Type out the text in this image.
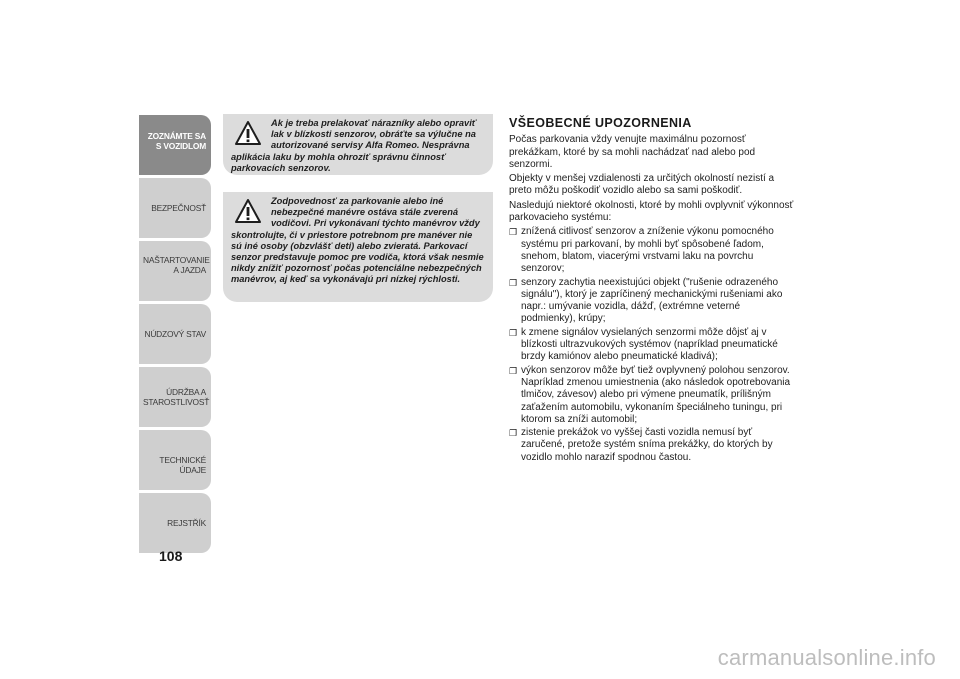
ZOZNÁMTE SA S VOZIDLOM
BEZPEČNOSŤ
NAŠTARTOVANIE A JAZDA
NÚDZOVÝ STAV
ÚDRŽBA A STAROSTLIVOSŤ
TECHNICKÉ ÚDAJE
REJSTŘÍK
108
Ak je treba prelakovať nárazníky alebo opraviť lak v blízkosti senzorov, obráťte sa výlučne na autorizované servisy Alfa Romeo. Nesprávna aplikácia laku by mohla ohroziť správnu činnosť parkovacích senzorov.
Zodpovednosť za parkovanie alebo iné nebezpečné manévre ostáva stále zverená vodičovi. Pri vykonávaní týchto manévrov vždy skontrolujte, či v priestore potrebnom pre manéver nie sú iné osoby (obzvlášť deti) alebo zvieratá. Parkovací senzor predstavuje pomoc pre vodiča, ktorá však nesmie nikdy znížiť pozornosť počas potenciálne nebezpečných manévrov, aj keď sa vykonávajú pri nízkej rýchlosti.
VŠEOBECNÉ UPOZORNENIA

Počas parkovania vždy venujte maximálnu pozornosť prekážkam, ktoré by sa mohli nachádzať nad alebo pod senzormi.

Objekty v menšej vzdialenosti za určitých okolností nezistí a preto môžu poškodiť vozidlo alebo sa sami poškodiť.

Nasledujú niektoré okolnosti, ktoré by mohli ovplyvniť výkonnosť parkovacieho systému:

❐ znížená citlivosť senzorov a zníženie výkonu pomocného systému pri parkovaní, by mohli byť spôsobené ľadom, snehom, blatom, viacerými vrstvami laku na povrchu senzorov;
❐ senzory zachytia neexistujúci objekt ("rušenie odrazeného signálu"), ktorý je zapríčinený mechanickými rušeniami ako napr.: umývanie vozidla, dážď, (extrémne veterné podmienky), krúpy;
❐ k zmene signálov vysielaných senzormi môže dôjsť aj v blízkosti ultrazvukových systémov (napríklad pneumatické brzdy kamiónov alebo pneumatické kladivá);
❐ výkon senzorov môže byť tiež ovplyvnený polohou senzorov. Napríklad zmenou umiestnenia (ako následok opotrebovania tlmičov, závesov) alebo pri výmene pneumatík, prílišným zaťažením automobilu, vykonaním špeciálneho tuningu, pri ktorom sa zníži automobil;
❐ zistenie prekážok vo vyššej časti vozidla nemusí byť zaručené, pretože systém sníma prekážky, do ktorých by vozidlo mohlo narazif spodnou častou.
carmanualsonline.info
